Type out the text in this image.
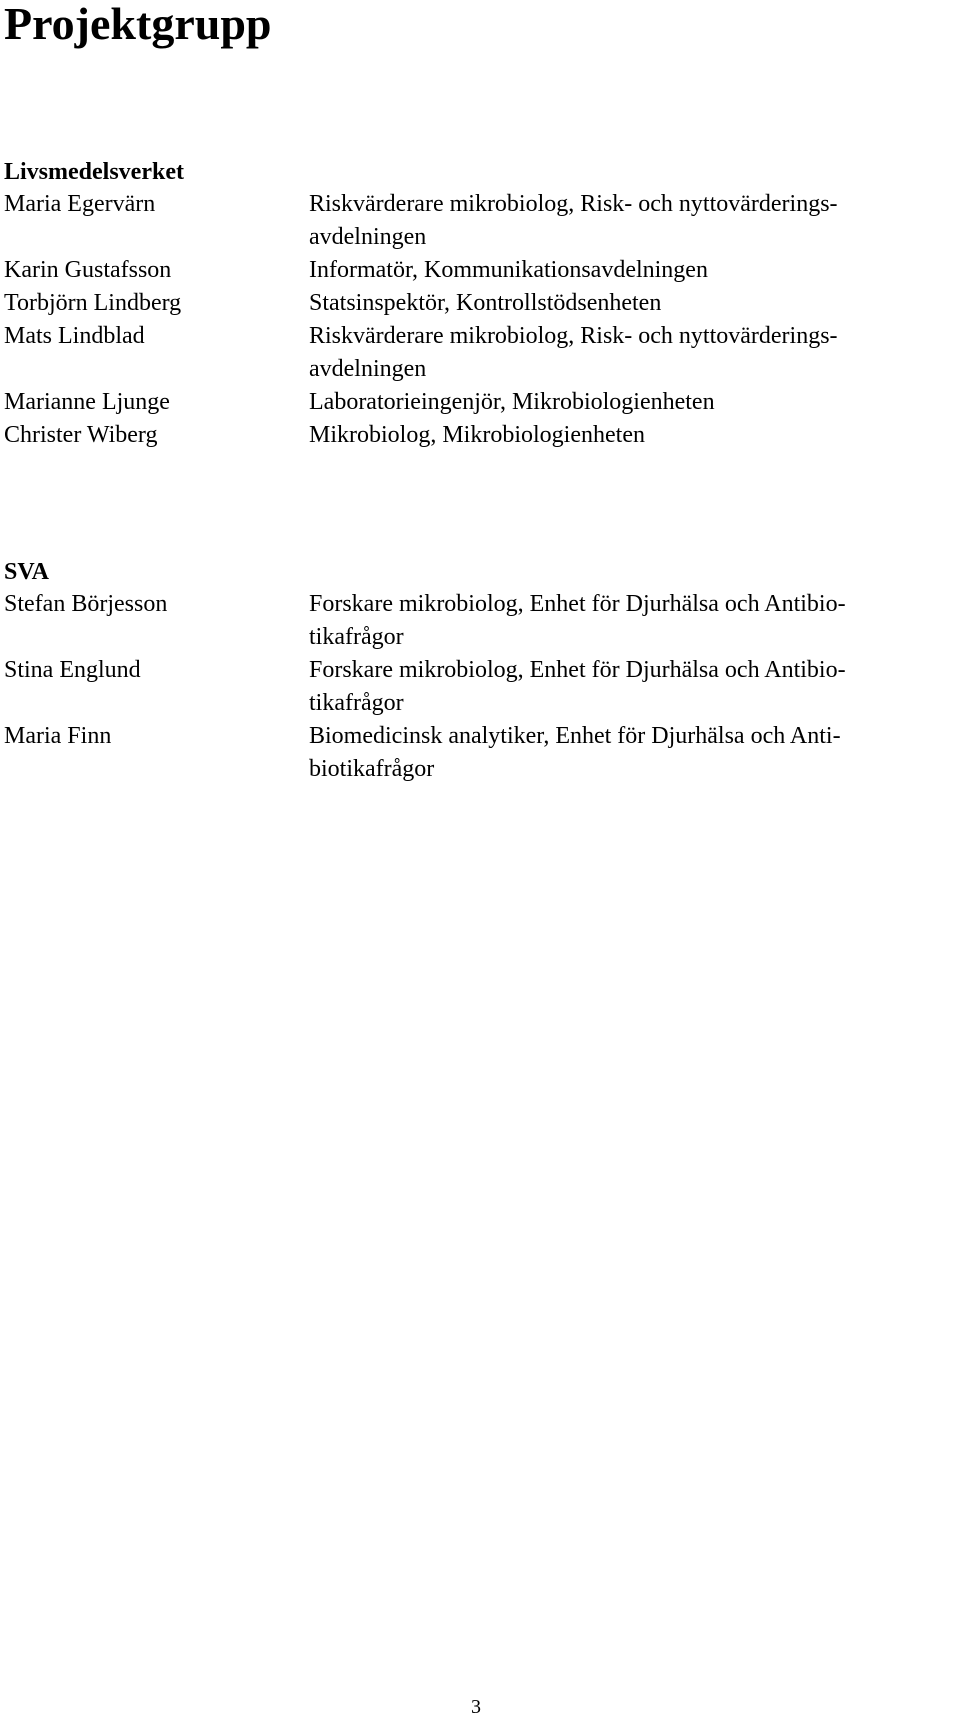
Projektgrupp
Livsmedelsverket
Maria Egervärn	Riskvärderare mikrobiolog, Risk- och nyttovärderings-
avdelningen
Karin Gustafsson	Informatör, Kommunikationsavdelningen
Torbjörn Lindberg	Statsinspektör, Kontrollstödsenheten
Mats Lindblad	Riskvärderare mikrobiolog, Risk- och nyttovärderings-
avdelningen
Marianne Ljunge	Laboratorieingenjör, Mikrobiologienheten
Christer Wiberg	Mikrobiolog, Mikrobiologienheten
SVA
Stefan Börjesson	Forskare mikrobiolog, Enhet för Djurhälsa och Antibio-
tikafrågor
Stina Englund	Forskare mikrobiolog, Enhet för Djurhälsa och Antibio-
tikafrågor
Maria Finn	Biomedicinsk analytiker, Enhet för Djurhälsa och Anti-
biotikafrågor
3
